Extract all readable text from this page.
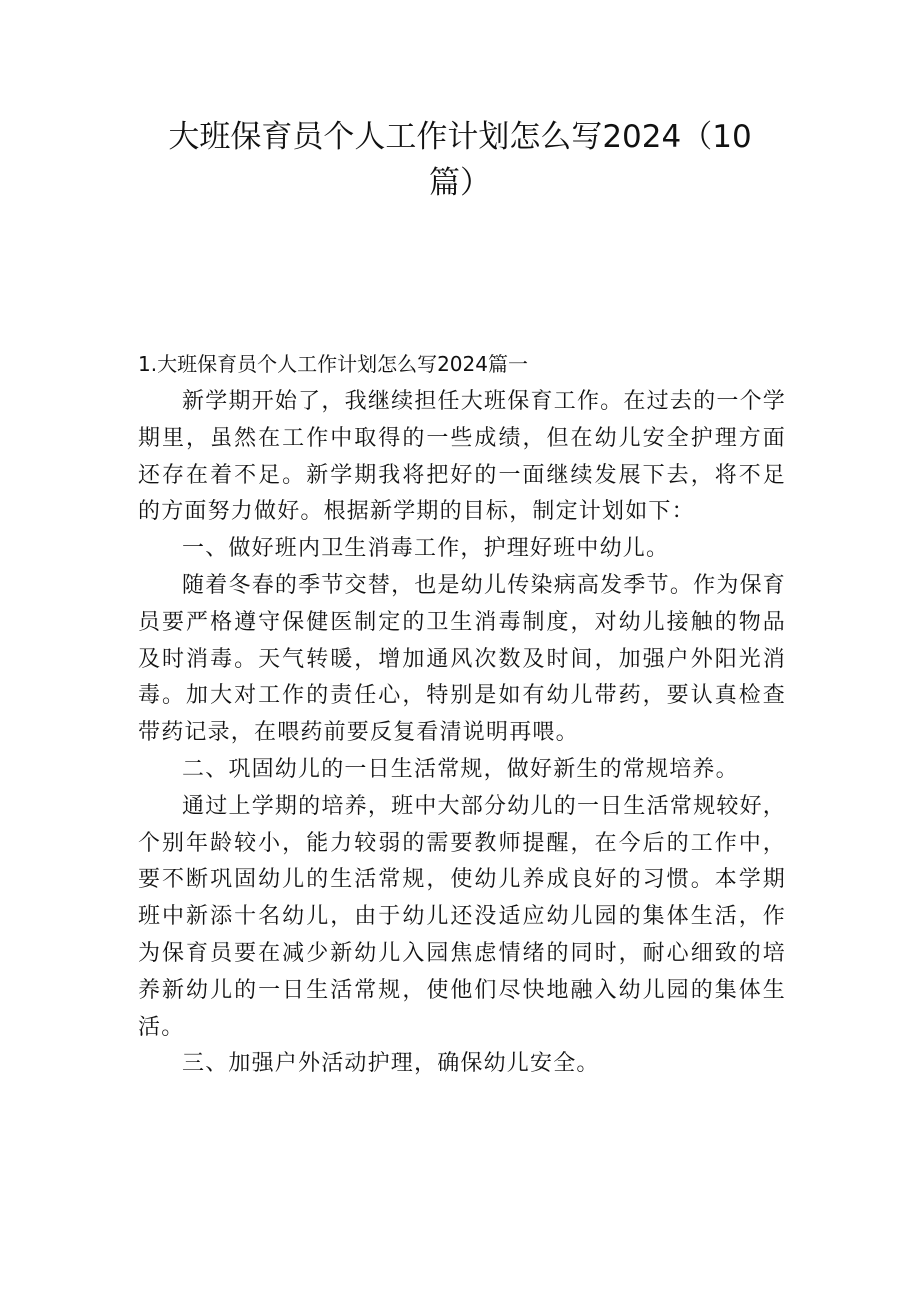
大班保育员个人工作计划怎么写2024（10篇）

1.大班保育员个人工作计划怎么写2024篇一

新学期开始了，我继续担任大班保育工作。在过去的一个学期里，虽然在工作中取得的一些成绩，但在幼儿安全护理方面还存在着不足。新学期我将把好的一面继续发展下去，将不足的方面努力做好。根据新学期的目标，制定计划如下：

一、做好班内卫生消毒工作，护理好班中幼儿。

随着冬春的季节交替，也是幼儿传染病高发季节。作为保育员要严格遵守保健医制定的卫生消毒制度，对幼儿接触的物品及时消毒。天气转暖，增加通风次数及时间，加强户外阳光消毒。加大对工作的责任心，特别是如有幼儿带药，要认真检查带药记录，在喂药前要反复看清说明再喂。

二、巩固幼儿的一日生活常规，做好新生的常规培养。

通过上学期的培养，班中大部分幼儿的一日生活常规较好，个别年龄较小，能力较弱的需要教师提醒，在今后的工作中，要不断巩固幼儿的生活常规，使幼儿养成良好的习惯。本学期班中新添十名幼儿，由于幼儿还没适应幼儿园的集体生活，作为保育员要在减少新幼儿入园焦虑情绪的同时，耐心细致的培养新幼儿的一日生活常规，使他们尽快地融入幼儿园的集体生活。

三、加强户外活动护理，确保幼儿安全。
